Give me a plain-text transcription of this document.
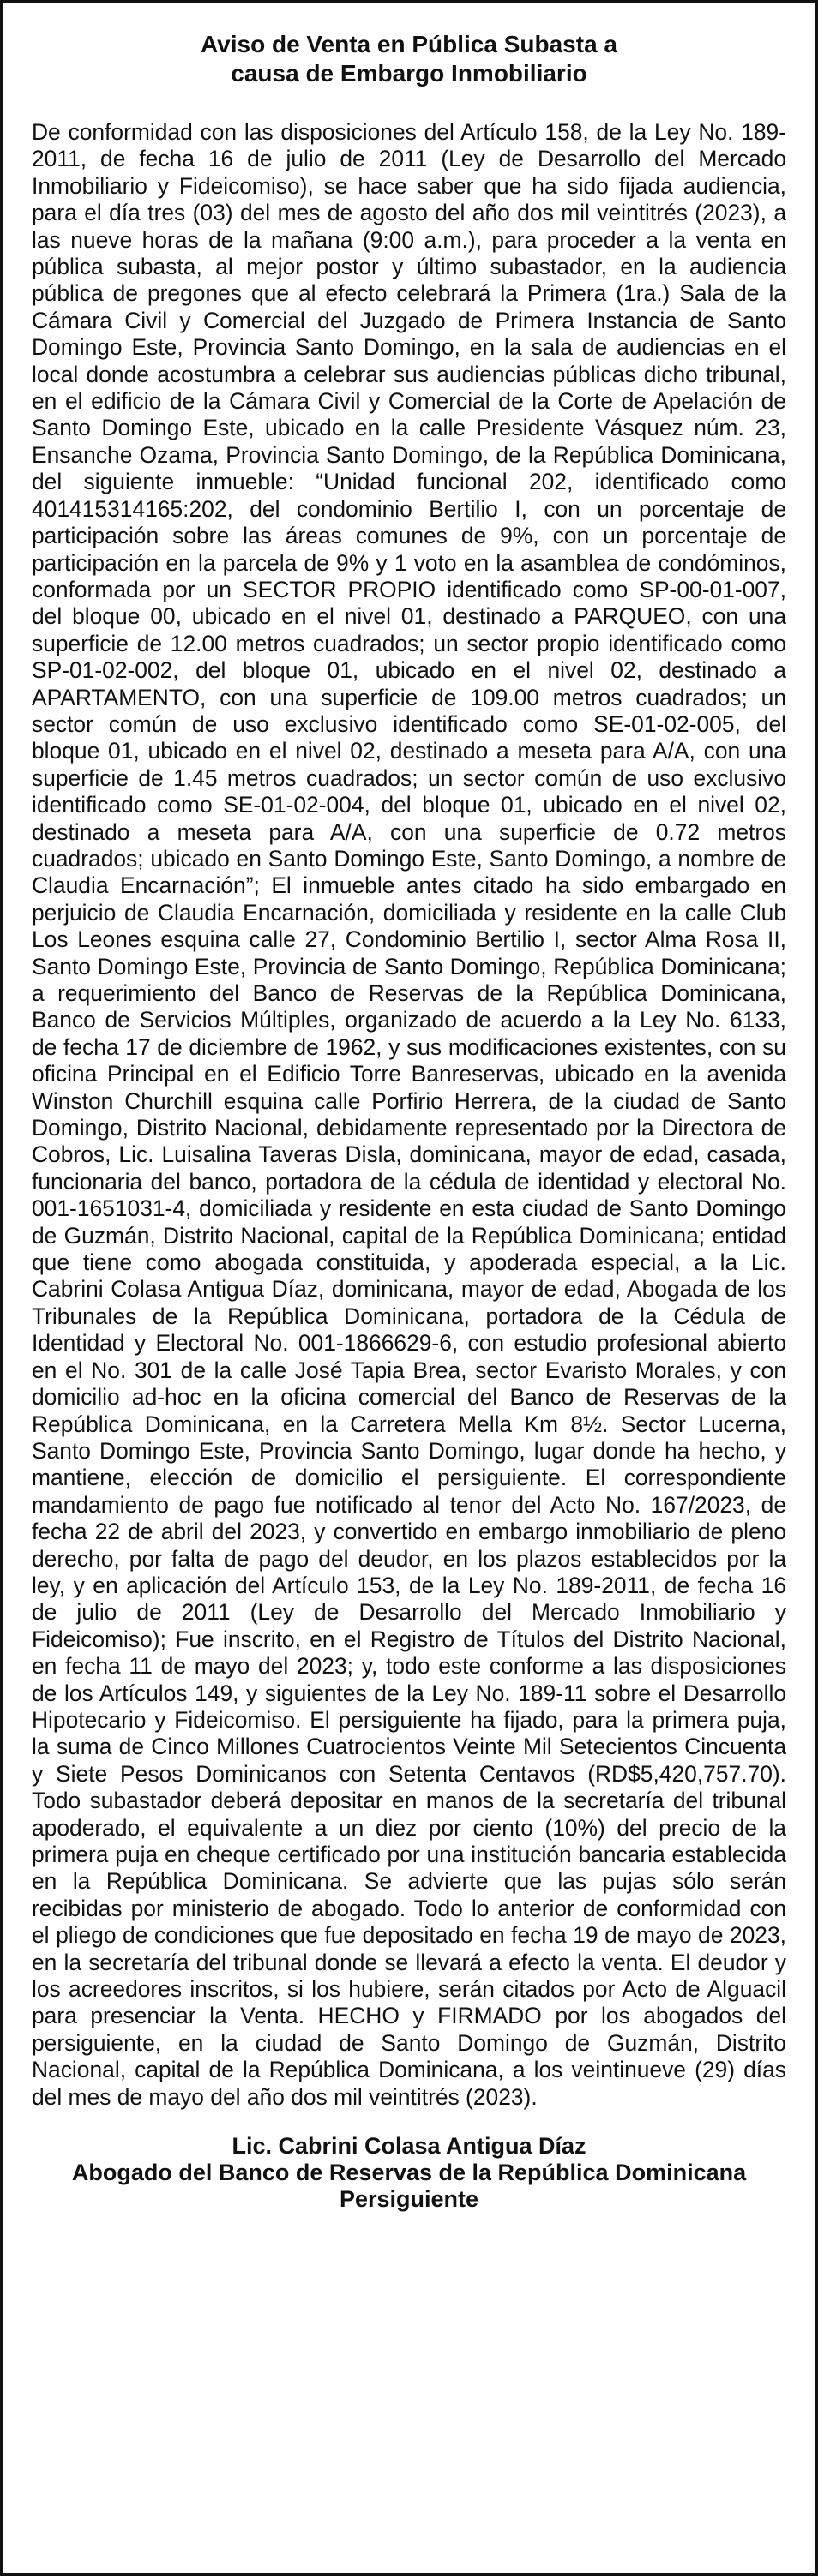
Aviso de Venta en Pública Subasta a
causa de Embargo Inmobiliario
De conformidad con las disposiciones del Artículo 158, de la Ley No. 189-2011, de fecha 16 de julio de 2011 (Ley de Desarrollo del Mercado Inmobiliario y Fideicomiso), se hace saber que ha sido fijada audiencia, para el día tres (03) del mes de agosto del año dos mil veintitrés (2023), a las nueve horas de la mañana (9:00 a.m.), para proceder a la venta en pública subasta, al mejor postor y último subastador, en la audiencia pública de pregones que al efecto celebrará la Primera (1ra.) Sala de la Cámara Civil y Comercial del Juzgado de Primera Instancia de Santo Domingo Este, Provincia Santo Domingo, en la sala de audiencias en el local donde acostumbra a celebrar sus audiencias públicas dicho tribunal, en el edificio de la Cámara Civil y Comercial de la Corte de Apelación de Santo Domingo Este, ubicado en la calle Presidente Vásquez núm. 23, Ensanche Ozama, Provincia Santo Domingo, de la República Dominicana, del siguiente inmueble: “Unidad funcional 202, identificado como 401415314165:202, del condominio Bertilio I, con un porcentaje de participación sobre las áreas comunes de 9%, con un porcentaje de participación en la parcela de 9% y 1 voto en la asamblea de condóminos, conformada por un SECTOR PROPIO identificado como SP-00-01-007, del bloque 00, ubicado en el nivel 01, destinado a PARQUEO, con una superficie de 12.00 metros cuadrados; un sector propio identificado como SP-01-02-002, del bloque 01, ubicado en el nivel 02, destinado a APARTAMENTO, con una superficie de 109.00 metros cuadrados; un sector común de uso exclusivo identificado como SE-01-02-005, del bloque 01, ubicado en el nivel 02, destinado a meseta para A/A, con una superficie de 1.45 metros cuadrados; un sector común de uso exclusivo identificado como SE-01-02-004, del bloque 01, ubicado en el nivel 02, destinado a meseta para A/A, con una superficie de 0.72 metros cuadrados; ubicado en Santo Domingo Este, Santo Domingo, a nombre de Claudia Encarnación”; El inmueble antes citado ha sido embargado en perjuicio de Claudia Encarnación, domiciliada y residente en la calle Club Los Leones esquina calle 27, Condominio Bertilio I, sector Alma Rosa II, Santo Domingo Este, Provincia de Santo Domingo, República Dominicana; a requerimiento del Banco de Reservas de la República Dominicana, Banco de Servicios Múltiples, organizado de acuerdo a la Ley No. 6133, de fecha 17 de diciembre de 1962, y sus modificaciones existentes, con su oficina Principal en el Edificio Torre Banreservas, ubicado en la avenida Winston Churchill esquina calle Porfirio Herrera, de la ciudad de Santo Domingo, Distrito Nacional, debidamente representado por la Directora de Cobros, Lic. Luisalina Taveras Disla, dominicana, mayor de edad, casada, funcionaria del banco, portadora de la cédula de identidad y electoral No. 001-1651031-4, domiciliada y residente en esta ciudad de Santo Domingo de Guzmán, Distrito Nacional, capital de la República Dominicana; entidad que tiene como abogada constituida, y apoderada especial, a la Lic. Cabrini Colasa Antigua Díaz, dominicana, mayor de edad, Abogada de los Tribunales de la República Dominicana, portadora de la Cédula de Identidad y Electoral No. 001-1866629-6, con estudio profesional abierto en el No. 301 de la calle José Tapia Brea, sector Evaristo Morales, y con domicilio ad-hoc en la oficina comercial del Banco de Reservas de la República Dominicana, en la Carretera Mella Km 8½. Sector Lucerna, Santo Domingo Este, Provincia Santo Domingo, lugar donde ha hecho, y mantiene, elección de domicilio el persiguiente. El correspondiente mandamiento de pago fue notificado al tenor del Acto No. 167/2023, de fecha 22 de abril del 2023, y convertido en embargo inmobiliario de pleno derecho, por falta de pago del deudor, en los plazos establecidos por la ley, y en aplicación del Artículo 153, de la Ley No. 189-2011, de fecha 16 de julio de 2011 (Ley de Desarrollo del Mercado Inmobiliario y Fideicomiso); Fue inscrito, en el Registro de Títulos del Distrito Nacional, en fecha 11 de mayo del 2023; y, todo este conforme a las disposiciones de los Artículos 149, y siguientes de la Ley No. 189-11 sobre el Desarrollo Hipotecario y Fideicomiso. El persiguiente ha fijado, para la primera puja, la suma de Cinco Millones Cuatrocientos Veinte Mil Setecientos Cincuenta y Siete Pesos Dominicanos con Setenta Centavos (RD$5,420,757.70). Todo subastador deberá depositar en manos de la secretaría del tribunal apoderado, el equivalente a un diez por ciento (10%) del precio de la primera puja en cheque certificado por una institución bancaria establecida en la República Dominicana. Se advierte que las pujas sólo serán recibidas por ministerio de abogado. Todo lo anterior de conformidad con el pliego de condiciones que fue depositado en fecha 19 de mayo de 2023, en la secretaría del tribunal donde se llevará a efecto la venta. El deudor y los acreedores inscritos, si los hubiere, serán citados por Acto de Alguacil para presenciar la Venta. HECHO y FIRMADO por los abogados del persiguiente, en la ciudad de Santo Domingo de Guzmán, Distrito Nacional, capital de la República Dominicana, a los veintinueve (29) días del mes de mayo del año dos mil veintitrés (2023).
Lic. Cabrini Colasa Antigua Díaz
Abogado del Banco de Reservas de la República Dominicana
Persiguiente
